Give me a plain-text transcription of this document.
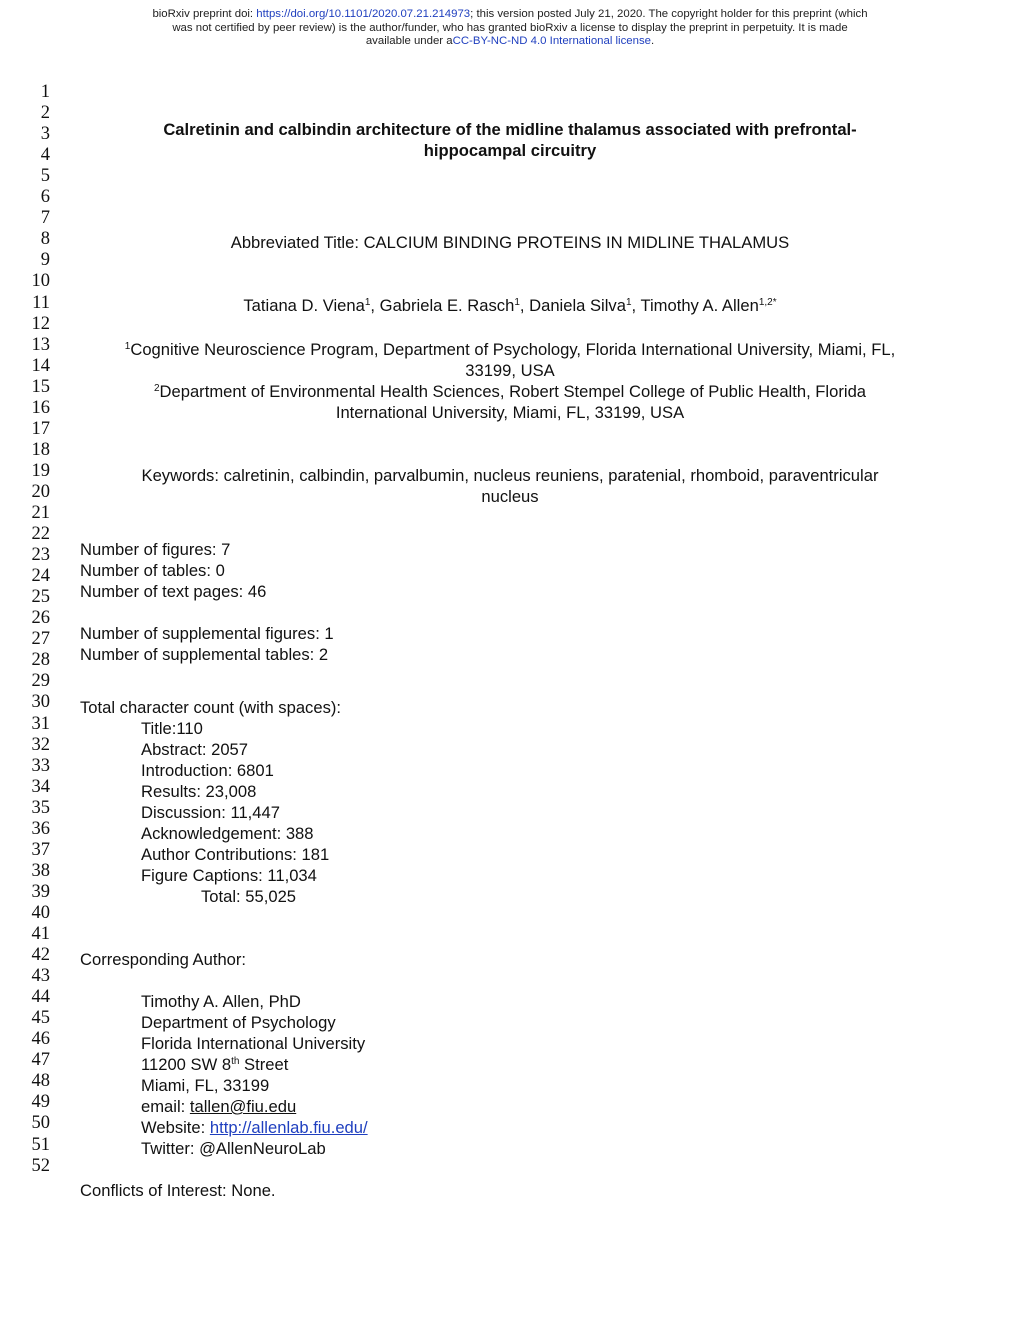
bioRxiv preprint doi: https://doi.org/10.1101/2020.07.21.214973; this version posted July 21, 2020. The copyright holder for this preprint (which
was not certified by peer review) is the author/funder, who has granted bioRxiv a license to display the preprint in perpetuity. It is made
available under aCC-BY-NC-ND 4.0 International license.
1
2
3
4
5
6
7
8
9
10
11
12
13
14
15
16
17
18
19
20
21
22
23
24
25
26
27
28
29
30
31
32
33
34
35
36
37
38
39
40
41
42
43
44
45
46
47
48
49
50
51
52
Calretinin and calbindin architecture of the midline thalamus associated with prefrontal-
hippocampal circuitry
Abbreviated Title: CALCIUM BINDING PROTEINS IN MIDLINE THALAMUS
Tatiana D. Viena$^1$, Gabriela E. Rasch$^1$, Daniela Silva$^1$, Timothy A. Allen$^{1,2*}$
$^1$Cognitive Neuroscience Program, Department of Psychology, Florida International University, Miami, FL,
33199, USA
$^2$Department of Environmental Health Sciences, Robert Stempel College of Public Health, Florida
International University, Miami, FL, 33199, USA
Keywords: calretinin, calbindin, parvalbumin, nucleus reuniens, paratenial, rhomboid, paraventricular
nucleus
Number of figures: 7
Number of tables: 0
Number of text pages: 46
Number of supplemental figures: 1
Number of supplemental tables: 2
Total character count (with spaces):
Title:110
Abstract: 2057
Introduction: 6801
Results: 23,008
Discussion: 11,447
Acknowledgement: 388
Author Contributions: 181
Figure Captions: 11,034
Total: 55,025
Corresponding Author:
Timothy A. Allen, PhD
Department of Psychology
Florida International University
11200 SW 8th Street
Miami, FL, 33199
email: tallen@fiu.edu
Website: http://allenlab.fiu.edu/
Twitter: @AllenNeuroLab
Conflicts of Interest: None.
